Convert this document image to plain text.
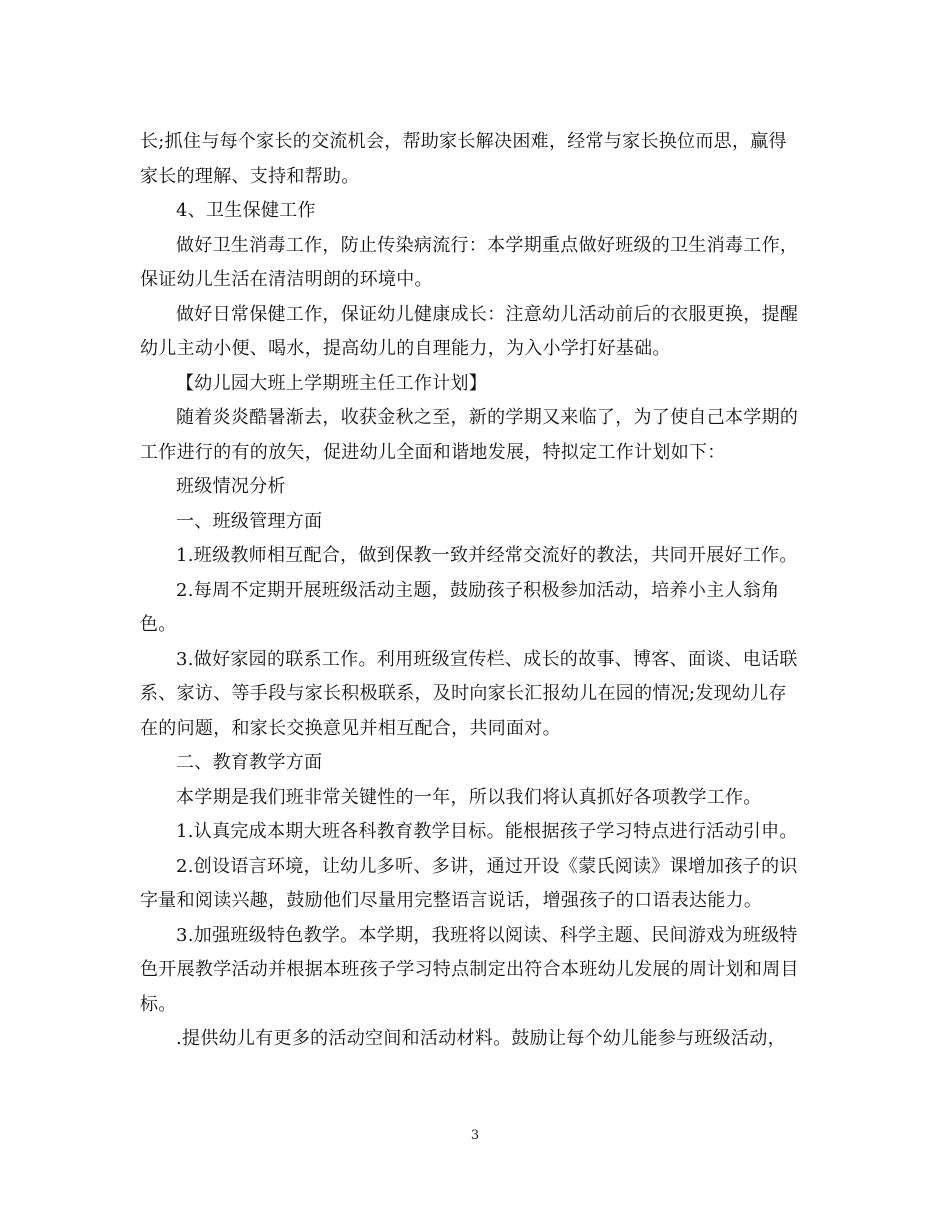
长;抓住与每个家长的交流机会，帮助家长解决困难，经常与家长换位而思，赢得
家长的理解、支持和帮助。
4、卫生保健工作
做好卫生消毒工作，防止传染病流行：本学期重点做好班级的卫生消毒工作，
保证幼儿生活在清洁明朗的环境中。
做好日常保健工作，保证幼儿健康成长：注意幼儿活动前后的衣服更换，提醒
幼儿主动小便、喝水，提高幼儿的自理能力，为入小学打好基础。
【幼儿园大班上学期班主任工作计划】
随着炎炎酷暑渐去，收获金秋之至，新的学期又来临了，为了使自己本学期的
工作进行的有的放矢，促进幼儿全面和谐地发展，特拟定工作计划如下：
班级情况分析
一、班级管理方面
1.班级教师相互配合，做到保教一致并经常交流好的教法，共同开展好工作。
2.每周不定期开展班级活动主题，鼓励孩子积极参加活动，培养小主人翁角
色。
3.做好家园的联系工作。利用班级宣传栏、成长的故事、博客、面谈、电话联
系、家访、等手段与家长积极联系，及时向家长汇报幼儿在园的情况;发现幼儿存
在的问题，和家长交换意见并相互配合，共同面对。
二、教育教学方面
本学期是我们班非常关键性的一年，所以我们将认真抓好各项教学工作。
1.认真完成本期大班各科教育教学目标。能根据孩子学习特点进行活动引申。
2.创设语言环境，让幼儿多听、多讲，通过开设《蒙氏阅读》课增加孩子的识
字量和阅读兴趣，鼓励他们尽量用完整语言说话，增强孩子的口语表达能力。
3.加强班级特色教学。本学期，我班将以阅读、科学主题、民间游戏为班级特
色开展教学活动并根据本班孩子学习特点制定出符合本班幼儿发展的周计划和周目
标。
.提供幼儿有更多的活动空间和活动材料。鼓励让每个幼儿能参与班级活动，
3
